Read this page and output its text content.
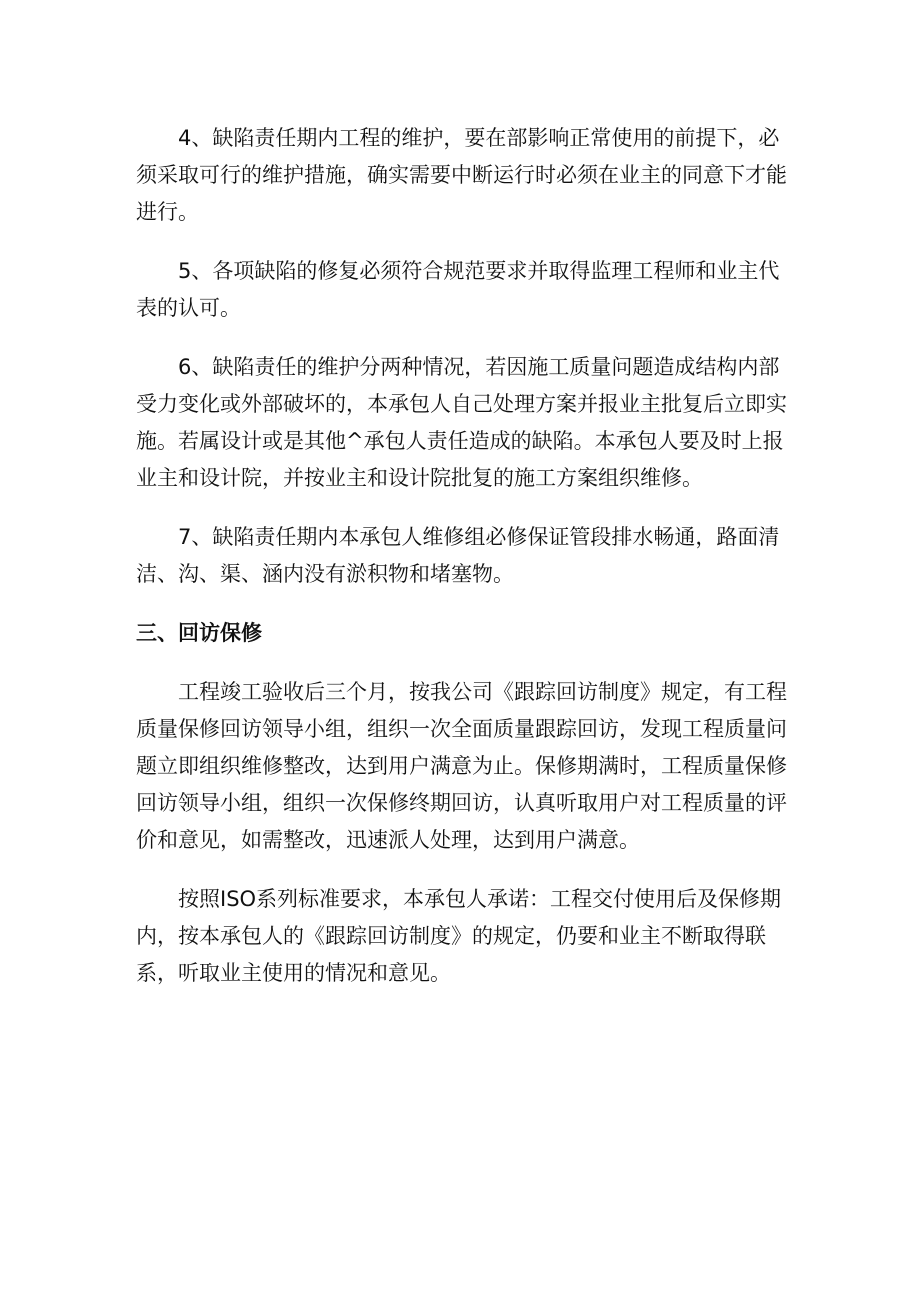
4、缺陷责任期内工程的维护，要在部影响正常使用的前提下，必须采取可行的维护措施，确实需要中断运行时必须在业主的同意下才能进行。

5、各项缺陷的修复必须符合规范要求并取得监理工程师和业主代表的认可。

6、缺陷责任的维护分两种情况，若因施工质量问题造成结构内部受力变化或外部破坏的，本承包人自己处理方案并报业主批复后立即实施。若属设计或是其他^承包人责任造成的缺陷。本承包人要及时上报业主和设计院，并按业主和设计院批复的施工方案组织维修。

7、缺陷责任期内本承包人维修组必修保证管段排水畅通，路面清洁、沟、渠、涵内没有淤积物和堵塞物。

三、回访保修

工程竣工验收后三个月，按我公司《跟踪回访制度》规定，有工程质量保修回访领导小组，组织一次全面质量跟踪回访，发现工程质量问题立即组织维修整改，达到用户满意为止。保修期满时，工程质量保修回访领导小组，组织一次保修终期回访，认真听取用户对工程质量的评价和意见，如需整改，迅速派人处理，达到用户满意。

按照ISO系列标准要求，本承包人承诺：工程交付使用后及保修期内，按本承包人的《跟踪回访制度》的规定，仍要和业主不断取得联系，听取业主使用的情况和意见。
